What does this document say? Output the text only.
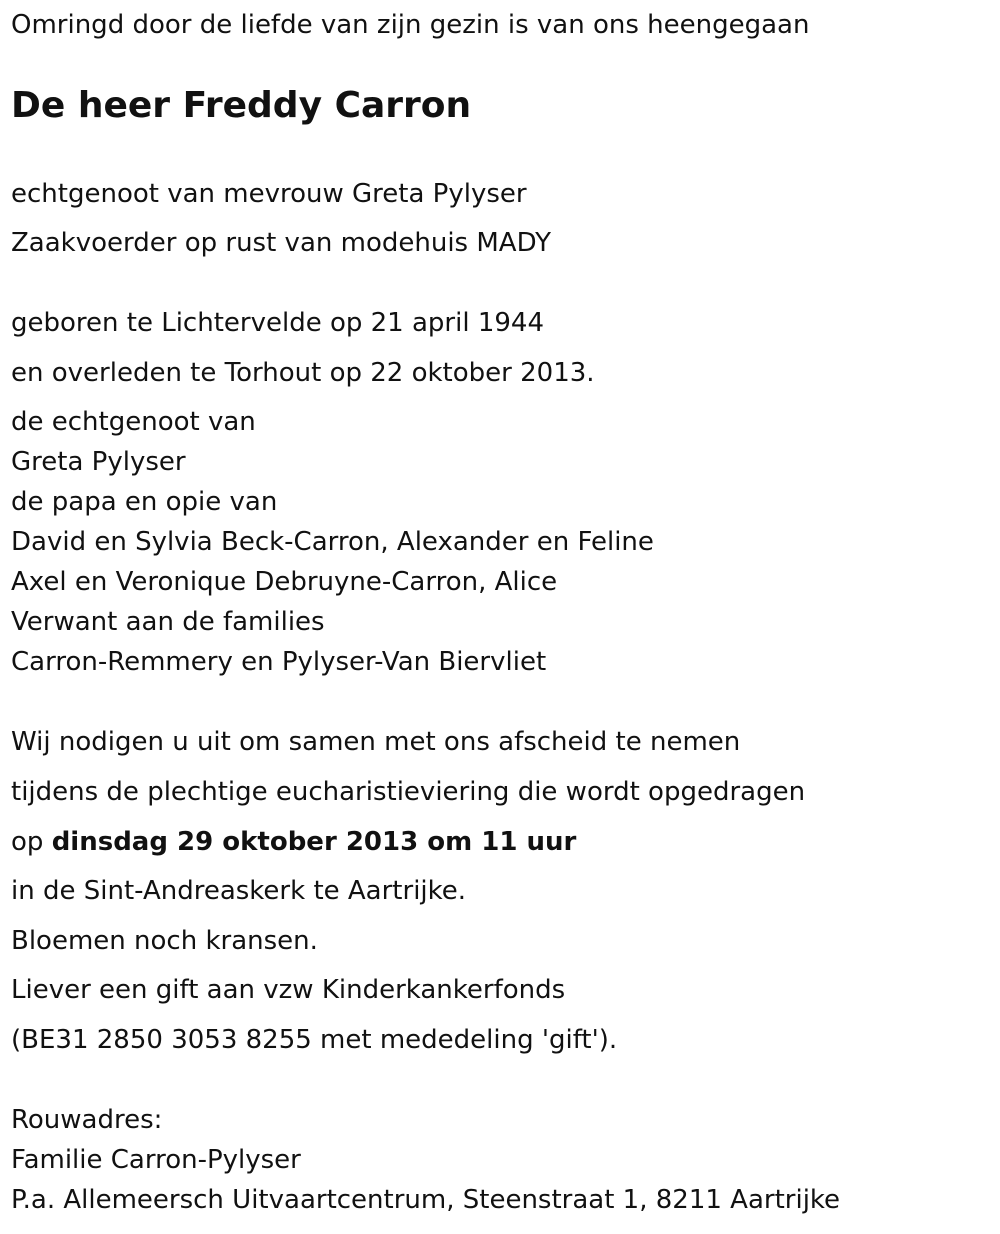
Omringd door de liefde van zijn gezin is van ons heengegaan
De heer Freddy Carron
echtgenoot van mevrouw Greta Pylyser
Zaakvoerder op rust van modehuis MADY
geboren te Lichtervelde op 21 april 1944
en overleden te Torhout op 22 oktober 2013.
de echtgenoot van
Greta Pylyser
de papa en opie van
David en Sylvia Beck-Carron, Alexander en Feline
Axel en Veronique Debruyne-Carron, Alice
Verwant aan de families
Carron-Remmery en Pylyser-Van Biervliet
Wij nodigen u uit om samen met ons afscheid te nemen
tijdens de plechtige eucharistieviering die wordt opgedragen
op dinsdag 29 oktober 2013 om 11 uur
in de Sint-Andreaskerk te Aartrijke.
Bloemen noch kransen.
Liever een gift aan vzw Kinderkankerfonds
(BE31 2850 3053 8255 met mededeling 'gift').
Rouwadres:
Familie Carron-Pylyser
P.a. Allemeersch Uitvaartcentrum, Steenstraat 1, 8211 Aartrijke
